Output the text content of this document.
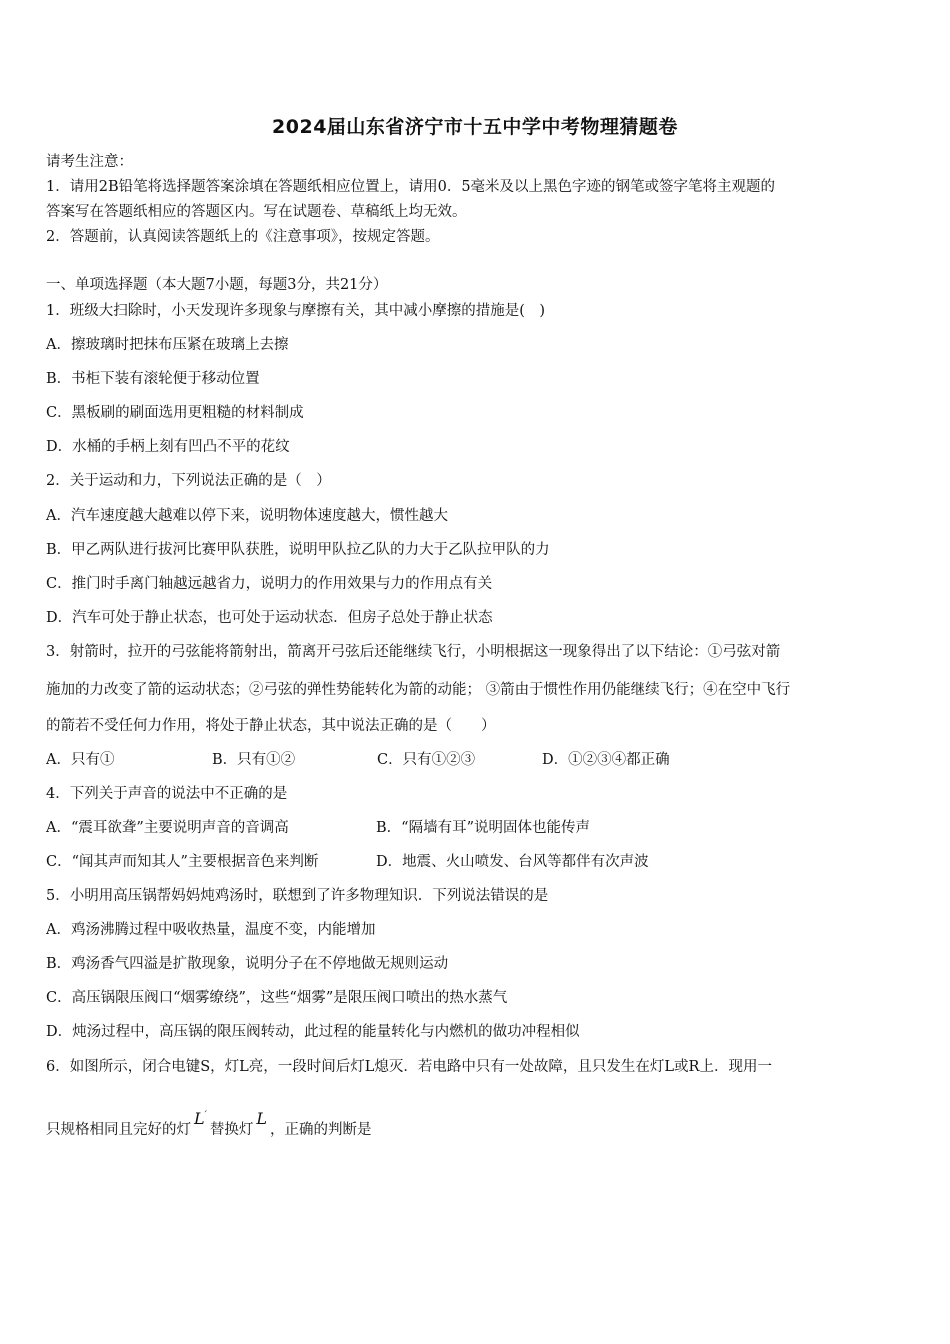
2024届山东省济宁市十五中学中考物理猜题卷
请考生注意：
1．请用2B铅笔将选择题答案涂填在答题纸相应位置上，请用0．5毫米及以上黑色字迹的钢笔或签字笔将主观题的
答案写在答题纸相应的答题区内。写在试题卷、草稿纸上均无效。
2．答题前，认真阅读答题纸上的《注意事项》，按规定答题。
一、单项选择题（本大题7小题，每题3分，共21分）
1．班级大扫除时，小天发现许多现象与摩擦有关，其中减小摩擦的措施是(　)
A．擦玻璃时把抹布压紧在玻璃上去擦
B．书柜下装有滚轮便于移动位置
C．黑板刷的刷面选用更粗糙的材料制成
D．水桶的手柄上刻有凹凸不平的花纹
2．关于运动和力，下列说法正确的是（　）
A．汽车速度越大越难以停下来，说明物体速度越大，惯性越大
B．甲乙两队进行拔河比赛甲队获胜，说明甲队拉乙队的力大于乙队拉甲队的力
C．推门时手离门轴越远越省力，说明力的作用效果与力的作用点有关
D．汽车可处于静止状态，也可处于运动状态．但房子总处于静止状态
3．射箭时，拉开的弓弦能将箭射出，箭离开弓弦后还能继续飞行，小明根据这一现象得出了以下结论：①弓弦对箭
施加的力改变了箭的运动状态；②弓弦的弹性势能转化为箭的动能； ③箭由于惯性作用仍能继续飞行；④在空中飞行
的箭若不受任何力作用，将处于静止状态，其中说法正确的是（　　）
A．只有①	B．只有①②	C．只有①②③	D．①②③④都正确
4．下列关于声音的说法中不正确的是
A．“震耳欲聋”主要说明声音的音调高	B．“隔墙有耳”说明固体也能传声
C．“闻其声而知其人”主要根据音色来判断	D．地震、火山喷发、台风等都伴有次声波
5．小明用高压锅帮妈妈炖鸡汤时，联想到了许多物理知识．下列说法错误的是
A．鸡汤沸腾过程中吸收热量，温度不变，内能增加
B．鸡汤香气四溢是扩散现象，说明分子在不停地做无规则运动
C．高压锅限压阀口“烟雾缭绕”，这些“烟雾”是限压阀口喷出的热水蒸气
D．炖汤过程中，高压锅的限压阀转动，此过程的能量转化与内燃机的做功冲程相似
6．如图所示，闭合电键S，灯L亮，一段时间后灯L熄灭．若电路中只有一处故障，且只发生在灯L或R上．现用一
只规格相同且完好的灯L′替换灯L，正确的判断是
